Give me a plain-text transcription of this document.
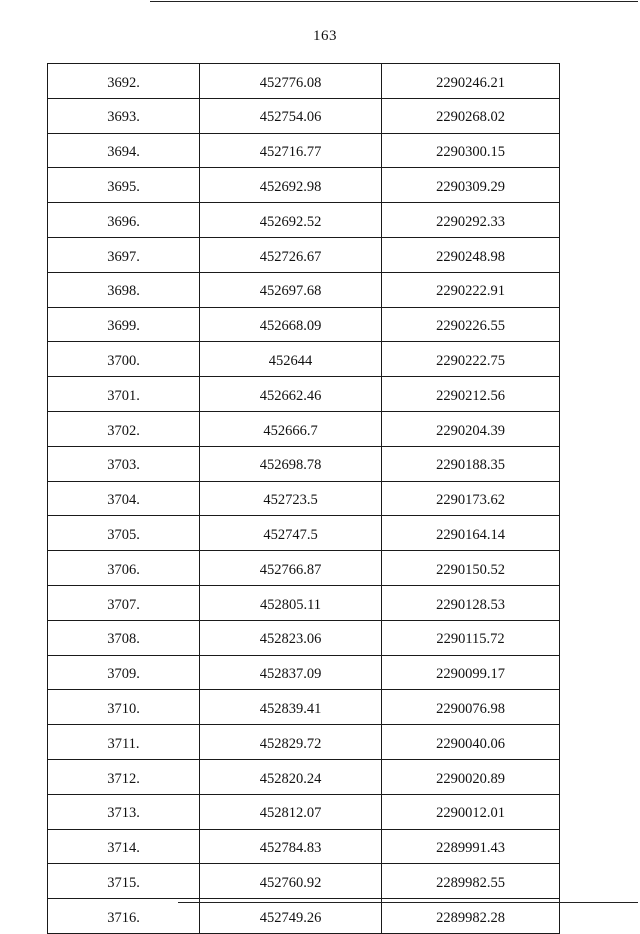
163
3692.	452776.08	2290246.21
3693.	452754.06	2290268.02
3694.	452716.77	2290300.15
3695.	452692.98	2290309.29
3696.	452692.52	2290292.33
3697.	452726.67	2290248.98
3698.	452697.68	2290222.91
3699.	452668.09	2290226.55
3700.	452644	2290222.75
3701.	452662.46	2290212.56
3702.	452666.7	2290204.39
3703.	452698.78	2290188.35
3704.	452723.5	2290173.62
3705.	452747.5	2290164.14
3706.	452766.87	2290150.52
3707.	452805.11	2290128.53
3708.	452823.06	2290115.72
3709.	452837.09	2290099.17
3710.	452839.41	2290076.98
3711.	452829.72	2290040.06
3712.	452820.24	2290020.89
3713.	452812.07	2290012.01
3714.	452784.83	2289991.43
3715.	452760.92	2289982.55
3716.	452749.26	2289982.28
